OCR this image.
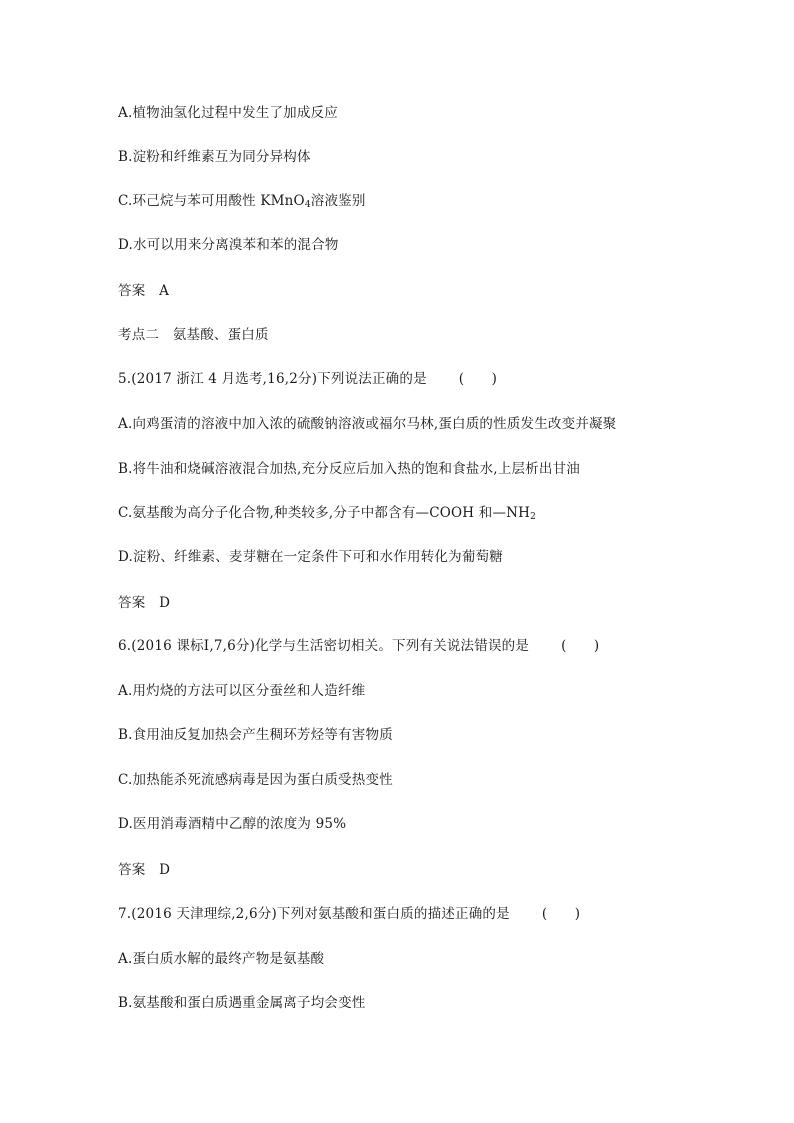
A.植物油氢化过程中发生了加成反应
B.淀粉和纤维素互为同分异构体
C.环己烷与苯可用酸性 KMnO$_4$溶液鉴别
D.水可以用来分离溴苯和苯的混合物
答案　A
考点二　氨基酸、蛋白质
5.(2017 浙江 4 月选考,16,2分)下列说法正确的是 (　　)
A.向鸡蛋清的溶液中加入浓的硫酸钠溶液或福尔马林,蛋白质的性质发生改变并凝聚
B.将牛油和烧碱溶液混合加热,充分反应后加入热的饱和食盐水,上层析出甘油
C.氨基酸为高分子化合物,种类较多,分子中都含有—COOH 和$—NH_2$
D.淀粉、纤维素、麦芽糖在一定条件下可和水作用转化为葡萄糖
答案　D
6.(2016 课标Ⅰ,7,6分)化学与生活密切相关。下列有关说法错误的是 (　　)
A.用灼烧的方法可以区分蚕丝和人造纤维
B.食用油反复加热会产生稠环芳烃等有害物质
C.加热能杀死流感病毒是因为蛋白质受热变性
D.医用消毒酒精中乙醇的浓度为 95%
答案　D
7.(2016 天津理综,2,6分)下列对氨基酸和蛋白质的描述正确的是 (　　)
A.蛋白质水解的最终产物是氨基酸
B.氨基酸和蛋白质遇重金属离子均会变性
